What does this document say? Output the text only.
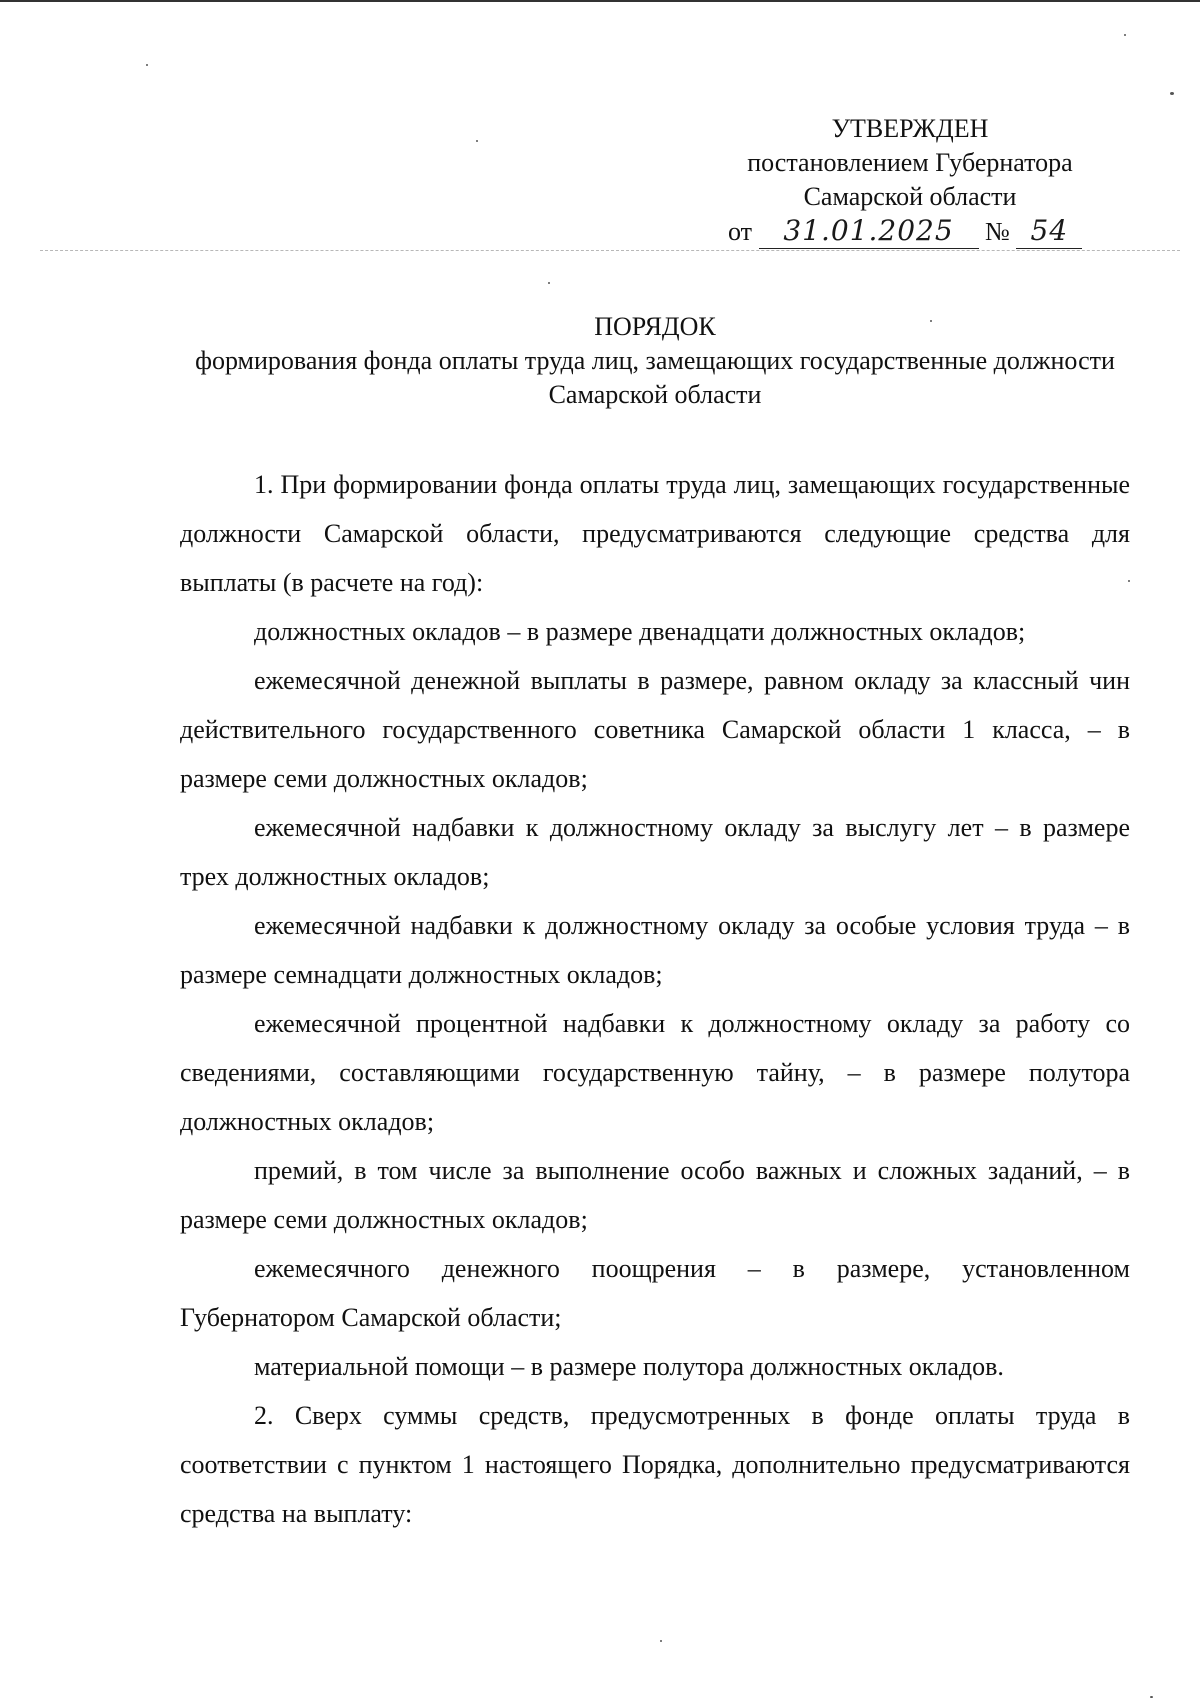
УТВЕРЖДЕН
постановлением Губернатора
Самарской области
от 31.01.2025 № 54
ПОРЯДОК
формирования фонда оплаты труда лиц, замещающих государственные должности Самарской области

1. При формировании фонда оплаты труда лиц, замещающих государственные должности Самарской области, предусматриваются следующие средства для выплаты (в расчете на год):

должностных окладов – в размере двенадцати должностных окладов;

ежемесячной денежной выплаты в размере, равном окладу за классный чин действительного государственного советника Самарской области 1 класса, – в размере семи должностных окладов;

ежемесячной надбавки к должностному окладу за выслугу лет – в размере трех должностных окладов;

ежемесячной надбавки к должностному окладу за особые условия труда – в размере семнадцати должностных окладов;

ежемесячной процентной надбавки к должностному окладу за работу со сведениями, составляющими государственную тайну, – в размере полутора должностных окладов;

премий, в том числе за выполнение особо важных и сложных заданий, – в размере семи должностных окладов;

ежемесячного денежного поощрения – в размере, установленном Губернатором Самарской области;

материальной помощи – в размере полутора должностных окладов.

2. Сверх суммы средств, предусмотренных в фонде оплаты труда в соответствии с пунктом 1 настоящего Порядка, дополнительно предусматриваются средства на выплату:
